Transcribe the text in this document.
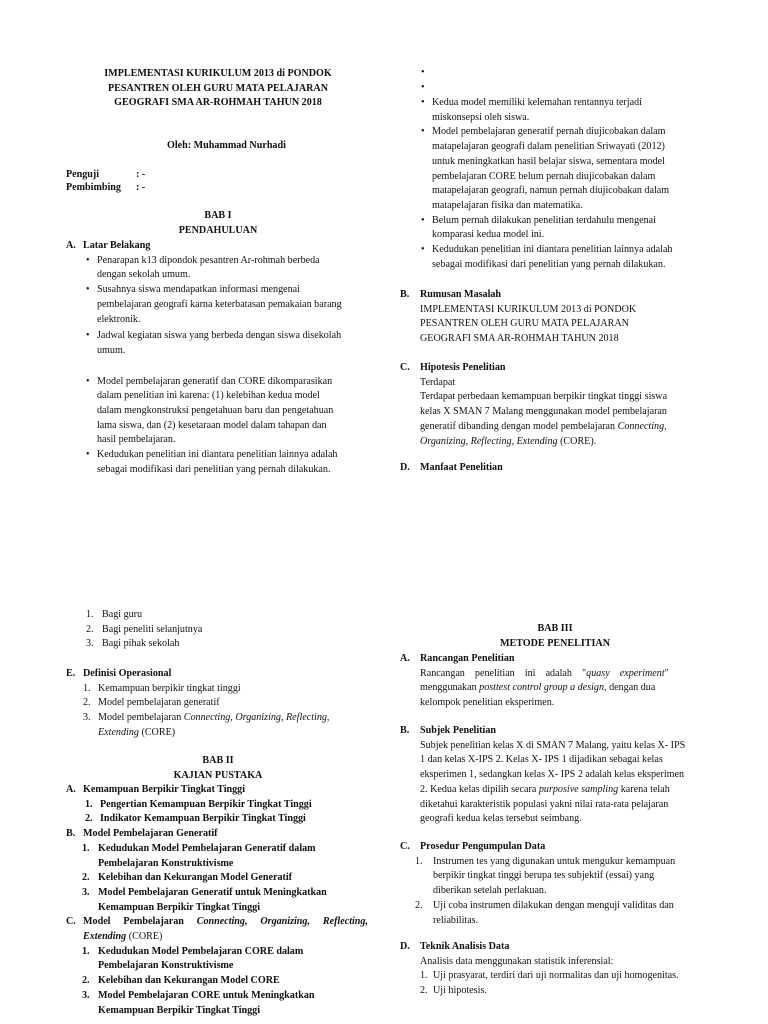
IMPLEMENTASI KURIKULUM 2013 di PONDOK
PESANTREN OLEH GURU MATA PELAJARAN
GEOGRAFI SMA AR-ROHMAH TAHUN 2018
Oleh: Muhammad Nurhadi
Penguji	: -
Pembimbing : -
BAB I
PENDAHULUAN
A. Latar Belakang
• Penarapan k13 dipondok pesantren Ar-rohmah berbeda
dengan sekolah umum.
• Susahnya siswa mendapatkan informasi mengenai
pembelajaran geografi karna keterbatasan pemakaian barang
elektronik.
• Jadwal kegiatan siswa yang berbeda dengan siswa disekolah
umum.
• Model pembelajaran generatif dan CORE dikomparasikan
dalam penelitian ini karena: (1) kelebihan kedua model
dalam mengkonstruksi pengetahuan baru dan pengetahuan
lama siswa, dan (2) kesetaraan model dalam tahapan dan
hasil pembelajaran.
• Kedudukan penelitian ini diantara penelitian lainnya adalah
sebagai modifikasi dari penelitian yang pernah dilakukan.
1. Bagi guru
2. Bagi peneliti selanjutnya
3. Bagi pihak sekolah
E. Definisi Operasional
1. Kemampuan berpikir tingkat tinggi
2. Model pembelajaran generatif
3. Model pembelajaran Connecting, Organizing, Reflecting,
Extending (CORE)
BAB II
KAJIAN PUSTAKA
A. Kemampuan Berpikir Tingkat Tinggi
1. Pengertian Kemampuan Berpikir Tingkat Tinggi
2. Indikator Kemampuan Berpikir Tingkat Tinggi
B. Model Pembelajaran Generatif
1. Kedudukan Model Pembelajaran Generatif dalam
Pembelajaran Konstruktivisme
2. Kelebihan dan Kekurangan Model Generatif
3. Model Pembelajaran Generatif untuk Meningkatkan
Kemampuan Berpikir Tingkat Tinggi
C. Model Pembelajaran Connecting, Organizing, Reflecting,
Extending (CORE)
1. Kedudukan Model Pembelajaran CORE dalam
Pembelajaran Konstruktivisme
2. Kelebihan dan Kekurangan Model CORE
3. Model Pembelajaran CORE untuk Meningkatkan
Kemampuan Berpikir Tingkat Tinggi
•
•
• Kedua model memiliki kelemahan rentannya terjadi
miskonsepsi oleh siswa.
• Model pembelajaran generatif pernah diujicobakan dalam
matapelajaran geografi dalam penelitian Sriwayati (2012)
untuk meningkatkan hasil belajar siswa, sementara model
pembelajaran CORE belum pernah diujicobakan dalam
matapelajaran geografi, namun pernah diujicobakan dalam
matapelajaran fisika dan matematika.
• Belum pernah dilakukan penelitian terdahulu mengenai
komparasi kedua model ini.
• Kedudukan penelitian ini diantara penelitian lainnya adalah
sebagai modifikasi dari penelitian yang pernah dilakukan.
B. Rumusan Masalah
IMPLEMENTASI KURIKULUM 2013 di PONDOK
PESANTREN OLEH GURU MATA PELAJARAN
GEOGRAFI SMA AR-ROHMAH TAHUN 2018
C. Hipotesis Penelitian
Terdapat
Terdapat perbedaan kemampuan berpikir tingkat tinggi siswa
kelas X SMAN 7 Malang menggunakan model pembelajaran
generatif dibanding dengan model pembelajaran Connecting,
Organizing, Reflecting, Extending (CORE).
D. Manfaat Penelitian
BAB III
METODE PENELITIAN
A. Rancangan Penelitian
Rancangan    penelitian    ini    adalah    "quasy    experiment"
menggunakan posttest control group a design, dengan dua
kelompok penelitian eksperimen.
B. Subjek Penelitian
Subjek penelitian kelas X di SMAN 7 Malang, yaitu kelas X- IPS
1 dan kelas X-IPS 2. Kelas X- IPS 1 dijadikan sebagai kelas
eksperimen 1, sedangkan kelas X- IPS 2 adalah kelas eksperimen
2. Kedua kelas dipilih secara purposive sampling karena telah
diketahui karakteristik populasi yakni nilai rata-rata pelajaran
geografi kedua kelas tersebut seimbang.
C. Prosedur Pengumpulan Data
1. Instrumen tes yang digunakan untuk mengukur kemampuan
berpikir tingkat tinggi berupa tes subjektif (essai) yang
diberikan setelah perlakuan.
2. Uji coba instrumen dilakukan dengan menguji validitas dan
reliabilitas.
D. Teknik Analisis Data
Analisis data menggunakan statistik inferensial:
1. Uji prasyarat, terdiri dari uji normalitas dan uji homogenitas.
2. Uji hipotesis.
